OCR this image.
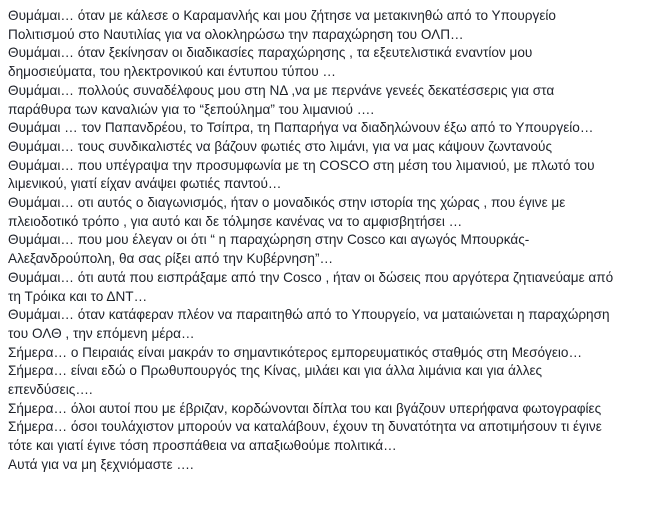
Θυμάμαι… όταν με κάλεσε ο Καραμανλής και μου ζήτησε να μετακινηθώ από το Υπουργείο
Πολιτισμού στο Ναυτιλίας για να ολοκληρώσω την παραχώρηση του ΟΛΠ…
Θυμάμαι… όταν ξεκίνησαν οι διαδικασίες παραχώρησης , τα εξευτελιστικά εναντίον μου
δημοσιεύματα, του ηλεκτρονικού και έντυπου τύπου …
Θυμάμαι… πολλούς συναδέλφους μου στη ΝΔ ,να με περνάνε γενεές δεκατέσσερις για στα
παράθυρα των καναλιών για το “ξεπούλημα” του λιμανιού ….
Θυμάμαι … τον Παπανδρέου, το Τσίπρα, τη Παπαρήγα να διαδηλώνουν έξω από το Υπουργείο…
Θυμάμαι… τους συνδικαλιστές να βάζουν φωτιές στο λιμάνι, για να μας κάψουν ζωντανούς
Θυμάμαι… που υπέγραψα την προσυμφωνία με τη COSCO στη μέση του λιμανιού, με πλωτό του
λιμενικού, γιατί είχαν ανάψει φωτιές παντού…
Θυμάμαι… οτι αυτός ο διαγωνισμός, ήταν ο μοναδικός στην ιστορία της χώρας , που έγινε με
πλειοδοτικό τρόπο , για αυτό και δε τόλμησε κανένας να το αμφισβητήσει …
Θυμάμαι… που μου έλεγαν οι ότι “ η παραχώρηση στην Cosco και αγωγός Μπουρκάς-
Αλεξανδρούπολη, θα σας ρίξει από την Κυβέρνηση”…
Θυμάμαι… ότι αυτά που εισπράξαμε από την Cosco , ήταν οι δώσεις που αργότερα ζητιανεύαμε από
τη Τρόικα και το ΔΝΤ…
Θυμάμαι… όταν κατάφεραν πλέον να παραιτηθώ από το Υπουργείο, να ματαιώνεται η παραχώρηση
του ΟΛΘ , την επόμενη μέρα…
Σήμερα… ο Πειραιάς είναι μακράν το σημαντικότερος εμπορευματικός σταθμός στη Μεσόγειο…
Σήμερα… είναι εδώ ο Πρωθυπουργός της Κίνας, μιλάει και για άλλα λιμάνια και για άλλες
επενδύσεις….
Σήμερα… όλοι αυτοί που με έβριζαν, κορδώνονται δίπλα του και βγάζουν υπερήφανα φωτογραφίες
Σήμερα… όσοι τουλάχιστον μπορούν να καταλάβουν, έχουν τη δυνατότητα να αποτιμήσουν τι έγινε
τότε και γιατί έγινε τόση προσπάθεια να απαξιωθούμε πολιτικά…
Αυτά για να μη ξεχνιόμαστε ….
